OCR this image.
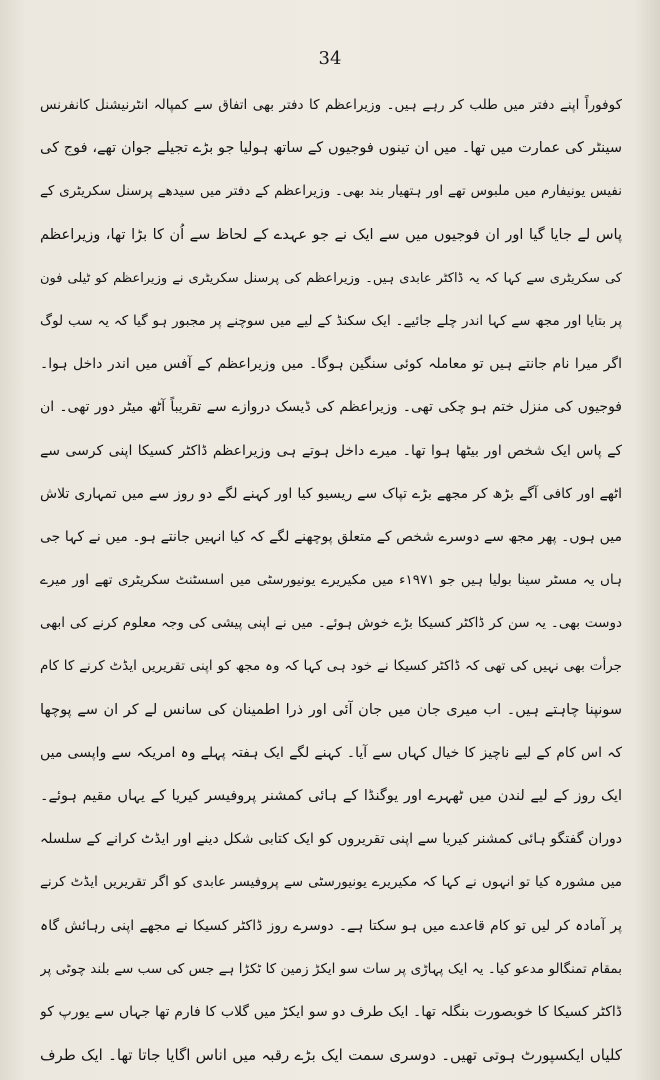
34
کوفوراً اپنے دفتر میں طلب کر رہے ہیں۔ وزیراعظم کا دفتر بھی اتفاق سے کمپالہ انٹرنیشنل کانفرنس
سینٹر کی عمارت میں تھا۔ میں ان تینوں فوجیوں کے ساتھ ہولیا جو بڑے تجیلے جوان تھے، فوج کی
نفیس یونیفارم میں ملبوس تھے اور ہتھیار بند بھی۔ وزیراعظم کے دفتر میں سیدھے پرسنل سکریٹری کے
پاس لے جایا گیا اور ان فوجیوں میں سے ایک نے جو عہدے کے لحاظ سے اُن کا بڑا تھا، وزیراعظم
کی سکریٹری سے کہا کہ یہ ڈاکٹر عابدی ہیں۔ وزیراعظم کی پرسنل سکریٹری نے وزیراعظم کو ٹیلی فون
پر بتایا اور مجھ سے کہا اندر چلے جائیے۔ ایک سکنڈ کے لیے میں سوچنے پر مجبور ہو گیا کہ یہ سب لوگ
اگر میرا نام جانتے ہیں تو معاملہ کوئی سنگین ہوگا۔ میں وزیراعظم کے آفس میں اندر داخل ہوا۔
فوجیوں کی منزل ختم ہو چکی تھی۔ وزیراعظم کی ڈیسک دروازے سے تقریباً آٹھ میٹر دور تھی۔ ان
کے پاس ایک شخص اور بیٹھا ہوا تھا۔ میرے داخل ہوتے ہی وزیراعظم ڈاکٹر کسیکا اپنی کرسی سے
اٹھے اور کافی آگے بڑھ کر مجھے بڑے تپاک سے ریسیو کیا اور کہنے لگے دو روز سے میں تمہاری تلاش
میں ہوں۔ پھر مجھ سے دوسرے شخص کے متعلق پوچھنے لگے کہ کیا انہیں جانتے ہو۔ میں نے کہا جی
ہاں یہ مسٹر سینا بولیا ہیں جو ۱۹۷۱ء میں مکیریرے یونیورسٹی میں اسسٹنٹ سکریٹری تھے اور میرے
دوست بھی۔ یہ سن کر ڈاکٹر کسیکا بڑے خوش ہوئے۔ میں نے اپنی پیشی کی وجہ معلوم کرنے کی ابھی
جرأت بھی نہیں کی تھی کہ ڈاکٹر کسیکا نے خود ہی کہا کہ وہ مجھ کو اپنی تقریریں ایڈٹ کرنے کا کام
سونپنا چاہتے ہیں۔ اب میری جان میں جان آئی اور ذرا اطمینان کی سانس لے کر ان سے پوچھا
کہ اس کام کے لیے ناچیز کا خیال کہاں سے آیا۔ کہنے لگے ایک ہفتہ پہلے وہ امریکہ سے واپسی میں
ایک روز کے لیے لندن میں ٹھہرے اور یوگنڈا کے ہائی کمشنر پروفیسر کیریا کے یہاں مقیم ہوئے۔
دوران گفتگو ہائی کمشنر کیریا سے اپنی تقریروں کو ایک کتابی شکل دینے اور ایڈٹ کرانے کے سلسلہ
میں مشورہ کیا تو انہوں نے کہا کہ مکیریرے یونیورسٹی سے پروفیسر عابدی کو اگر تقریریں ایڈٹ کرنے
پر آمادہ کر لیں تو کام قاعدے میں ہو سکتا ہے۔ دوسرے روز ڈاکٹر کسیکا نے مجھے اپنی رہائش گاہ
بمقام تمنگالو مدعو کیا۔ یہ ایک پہاڑی پر سات سو ایکڑ زمین کا ٹکڑا ہے جس کی سب سے بلند چوٹی پر
ڈاکٹر کسیکا کا خوبصورت بنگلہ تھا۔ ایک طرف دو سو ایکڑ میں گلاب کا فارم تھا جہاں سے یورپ کو
کلیاں ایکسپورٹ ہوتی تھیں۔ دوسری سمت ایک بڑے رقبہ میں اناس اگایا جاتا تھا۔ ایک طرف
